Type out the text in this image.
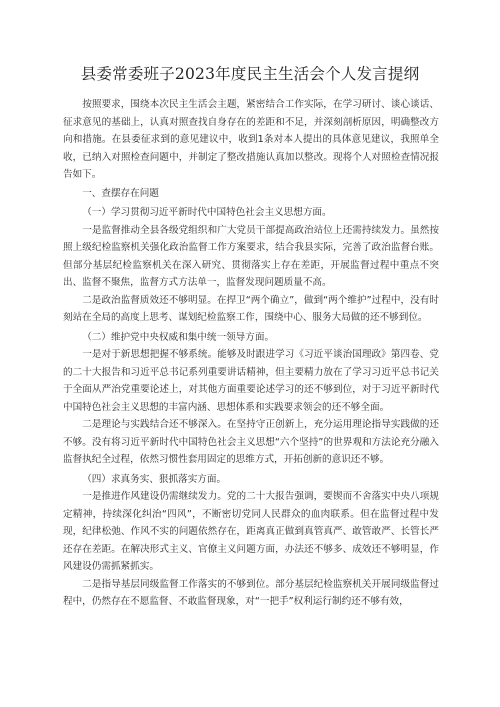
县委常委班子2023年度民主生活会个人发言提纲

按照要求，围绕本次民主生活会主题，紧密结合工作实际，在学习研讨、谈心谈话、征求意见的基础上，认真对照查找自身存在的差距和不足，并深刻剖析原因，明确整改方向和措施。在县委征求到的意见建议中，收到1条对本人提出的具体意见建议，我照单全收，已纳入对照检查问题中，并制定了整改措施认真加以整改。现将个人对照检查情况报告如下。

一、查摆存在问题

（一）学习贯彻习近平新时代中国特色社会主义思想方面。

一是监督推动全县各级党组织和广大党员干部提高政治站位上还需持续发力。虽然按照上级纪检监察机关强化政治监督工作方案要求，结合我县实际，完善了政治监督台账。但部分基层纪检监察机关在深入研究、贯彻落实上存在差距，开展监督过程中重点不突出、监督不聚焦，监督方式方法单一，监督发现问题质量不高。

二是政治监督质效还不够明显。在捍卫“两个确立”，做到“两个维护”过程中，没有时刻站在全局的高度上思考、谋划纪检监察工作，围绕中心、服务大局做的还不够到位。

（二）维护党中央权威和集中统一领导方面。

一是对于新思想把握不够系统。能够及时跟进学习《习近平谈治国理政》第四卷、党的二十大报告和习近平总书记系列重要讲话精神，但主要精力放在了学习习近平总书记关于全面从严治党重要论述上，对其他方面重要论述学习的还不够到位，对于习近平新时代中国特色社会主义思想的丰富内涵、思想体系和实践要求领会的还不够全面。

二是理论与实践结合还不够深入。在坚持守正创新上，充分运用理论指导实践做的还不够。没有将习近平新时代中国特色社会主义思想“六个坚持”的世界观和方法论充分融入监督执纪全过程，依然习惯性套用固定的思维方式，开拓创新的意识还不够。

（四）求真务实、狠抓落实方面。

一是推进作风建设仍需继续发力。党的二十大报告强调，要锲而不舍落实中央八项规定精神，持续深化纠治“四风”，不断密切党同人民群众的血肉联系。但在监督过程中发现，纪律松弛、作风不实的问题依然存在，距离真正做到真管真严、敢管敢严、长管长严还存在差距。在解决形式主义、官僚主义问题方面，办法还不够多、成效还不够明显，作风建设仍需抓紧抓实。

二是指导基层同级监督工作落实的不够到位。部分基层纪检监察机关开展同级监督过程中，仍然存在不愿监督、不敢监督现象，对“一把手”权利运行制约还不够有效，
